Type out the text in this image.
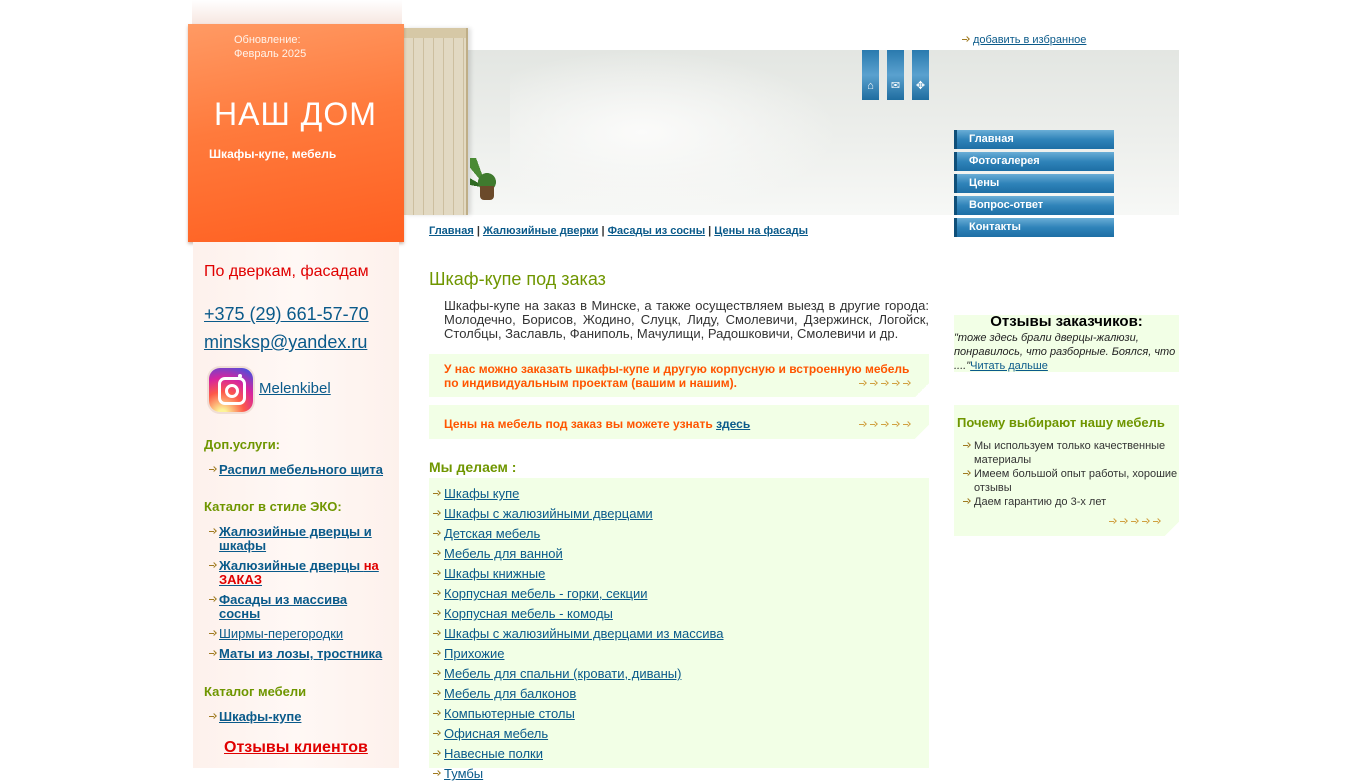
Обновление:
Февраль 2025
НАШ ДОМ
Шкафы-купе, мебель
добавить в избранное
⌂	✉	✥
Главная
Фотогалерея
Цены
Вопрос-ответ
Контакты
По дверкам, фасадам
+375 (29) 661-57-70
minsksp@yandex.ru
Melenkibel
Доп.услуги:
Распил мебельного щита
Каталог в стиле ЭКО:
Жалюзийные дверцы и шкафы
Жалюзийные дверцы на ЗАКАЗ
Фасады из массива сосны
Ширмы-перегородки
Маты из лозы, тростника
Каталог мебели
Шкафы-купе
Отзывы клиентов
Главная | Жалюзийные дверки | Фасады из сосны | Цены на фасады
Шкаф-купе под заказ
Шкафы-купе на заказ в Минске, а также осуществляем выезд в другие города: Молодечно, Борисов, Жодино, Слуцк, Лиду, Смолевичи, Дзержинск, Логойск, Столбцы, Заславль, Фаниполь, Мачулищи, Радошковичи, Смолевичи и др.
У нас можно заказать шкафы-купе и другую корпусную и встроенную мебель по индивидуальным проектам (вашим и нашим).
Цены на мебель под заказ вы можете узнать здесь
Мы делаем :
Шкафы купе
Шкафы с жалюзийными дверцами
Детская мебель
Мебель для ванной
Шкафы книжные
Корпусная мебель - горки, секции
Корпусная мебель - комоды
Шкафы с жалюзийными дверцами из массива
Прихожие
Мебель для спальни (кровати, диваны)
Мебель для балконов
Компьютерные столы
Офисная мебель
Навесные полки
Тумбы
Отзывы заказчиков:
"тоже здесь брали дверцы-жалюзи, понравилось, что разборные. Боялся, что ...."Читать дальше
Почему выбирают нашу мебель
Мы используем только качественные материалы
Имеем большой опыт работы, хорошие отзывы
Даем гарантию до 3-х лет
